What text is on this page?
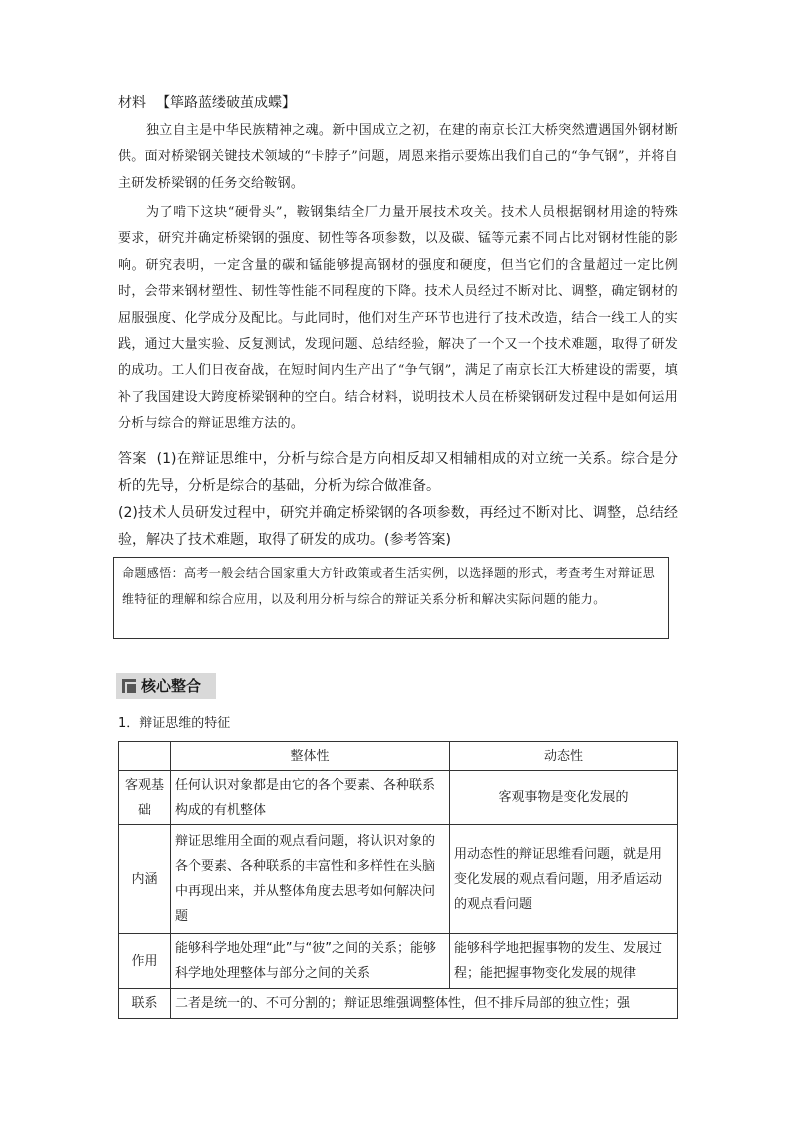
材料 【筚路蓝缕破茧成蝶】
独立自主是中华民族精神之魂。新中国成立之初，在建的南京长江大桥突然遭遇国外钢材断供。面对桥梁钢关键技术领域的“卡脖子”问题，周恩来指示要炼出我们自己的“争气钢”，并将自主研发桥梁钢的任务交给鞍钢。
为了啃下这块“硬骨头”，鞍钢集结全厂力量开展技术攻关。技术人员根据钢材用途的特殊要求，研究并确定桥梁钢的强度、韧性等各项参数，以及碳、锰等元素不同占比对钢材性能的影响。研究表明，一定含量的碳和锰能够提高钢材的强度和硬度，但当它们的含量超过一定比例时，会带来钢材塑性、韧性等性能不同程度的下降。技术人员经过不断对比、调整，确定钢材的屈服强度、化学成分及配比。与此同时，他们对生产环节也进行了技术改造，结合一线工人的实践，通过大量实验、反复测试，发现问题、总结经验，解决了一个又一个技术难题，取得了研发的成功。工人们日夜奋战，在短时间内生产出了“争气钢”，满足了南京长江大桥建设的需要，填补了我国建设大跨度桥梁钢种的空白。结合材料，说明技术人员在桥梁钢研发过程中是如何运用分析与综合的辩证思维方法的。
答案 (1)在辩证思维中，分析与综合是方向相反却又相辅相成的对立统一关系。综合是分析的先导，分析是综合的基础，分析为综合做准备。
(2)技术人员研发过程中，研究并确定桥梁钢的各项参数，再经过不断对比、调整，总结经验，解决了技术难题，取得了研发的成功。(参考答案)
命题感悟：高考一般会结合国家重大方针政策或者生活实例，以选择题的形式，考查考生对辩证思维特征的理解和综合应用，以及利用分析与综合的辩证关系分析和解决实际问题的能力。
核心整合
1．辩证思维的特征
	整体性	动态性
客观基础	任何认识对象都是由它的各个要素、各种联系构成的有机整体	客观事物是变化发展的
内涵	辩证思维用全面的观点看问题，将认识对象的各个要素、各种联系的丰富性和多样性在头脑中再现出来，并从整体角度去思考如何解决问题	用动态性的辩证思维看问题，就是用变化发展的观点看问题，用矛盾运动的观点看问题
作用	能够科学地处理“此”与“彼”之间的关系；能够科学地处理整体与部分之间的关系	能够科学地把握事物的发生、发展过程；能把握事物变化发展的规律
联系	二者是统一的、不可分割的；辩证思维强调整体性，但不排斥局部的独立性；强	
